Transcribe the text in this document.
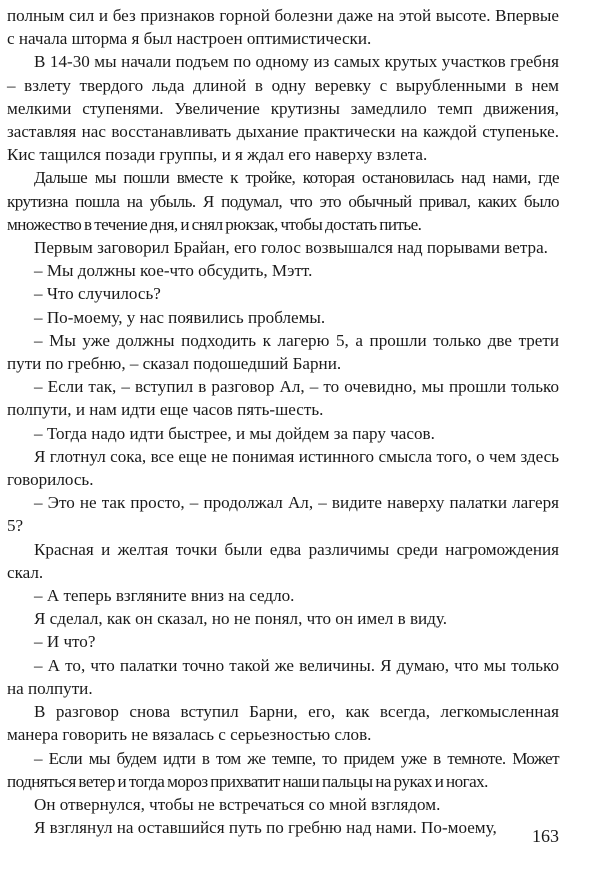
полным сил и без признаков горной болезни даже на этой высоте. Впервые с начала шторма я был настроен оптимистически.

В 14-30 мы начали подъем по одному из самых крутых участков гребня – взлету твердого льда длиной в одну веревку с вырубленными в нем мелкими ступенями. Увеличение крутизны замедлило темп движения, заставляя нас восстанавливать дыхание практически на каждой ступеньке. Кис тащился позади группы, и я ждал его наверху взлета.

Дальше мы пошли вместе к тройке, которая остановилась над нами, где крутизна пошла на убыль. Я подумал, что это обычный привал, каких было множество в течение дня, и снял рюкзак, чтобы достать питье.

Первым заговорил Брайан, его голос возвышался над порывами ветра.

– Мы должны кое-что обсудить, Мэтт.

– Что случилось?

– По-моему, у нас появились проблемы.

– Мы уже должны подходить к лагерю 5, а прошли только две трети пути по гребню, – сказал подошедший Барни.

– Если так, – вступил в разговор Ал, – то очевидно, мы прошли только полпути, и нам идти еще часов пять-шесть.

– Тогда надо идти быстрее, и мы дойдем за пару часов.

Я глотнул сока, все еще не понимая истинного смысла того, о чем здесь говорилось.

– Это не так просто, – продолжал Ал, – видите наверху палатки лагеря 5?

Красная и желтая точки были едва различимы среди нагромождения скал.

– А теперь взгляните вниз на седло.

Я сделал, как он сказал, но не понял, что он имел в виду.

– И что?

– А то, что палатки точно такой же величины. Я думаю, что мы только на полпути.

В разговор снова вступил Барни, его, как всегда, легкомысленная манера говорить не вязалась с серьезностью слов.

– Если мы будем идти в том же темпе, то придем уже в темноте. Может подняться ветер и тогда мороз прихватит наши пальцы на руках и ногах.

Он отвернулся, чтобы не встречаться со мной взглядом.

Я взглянул на оставшийся путь по гребню над нами. По-моему,	163
